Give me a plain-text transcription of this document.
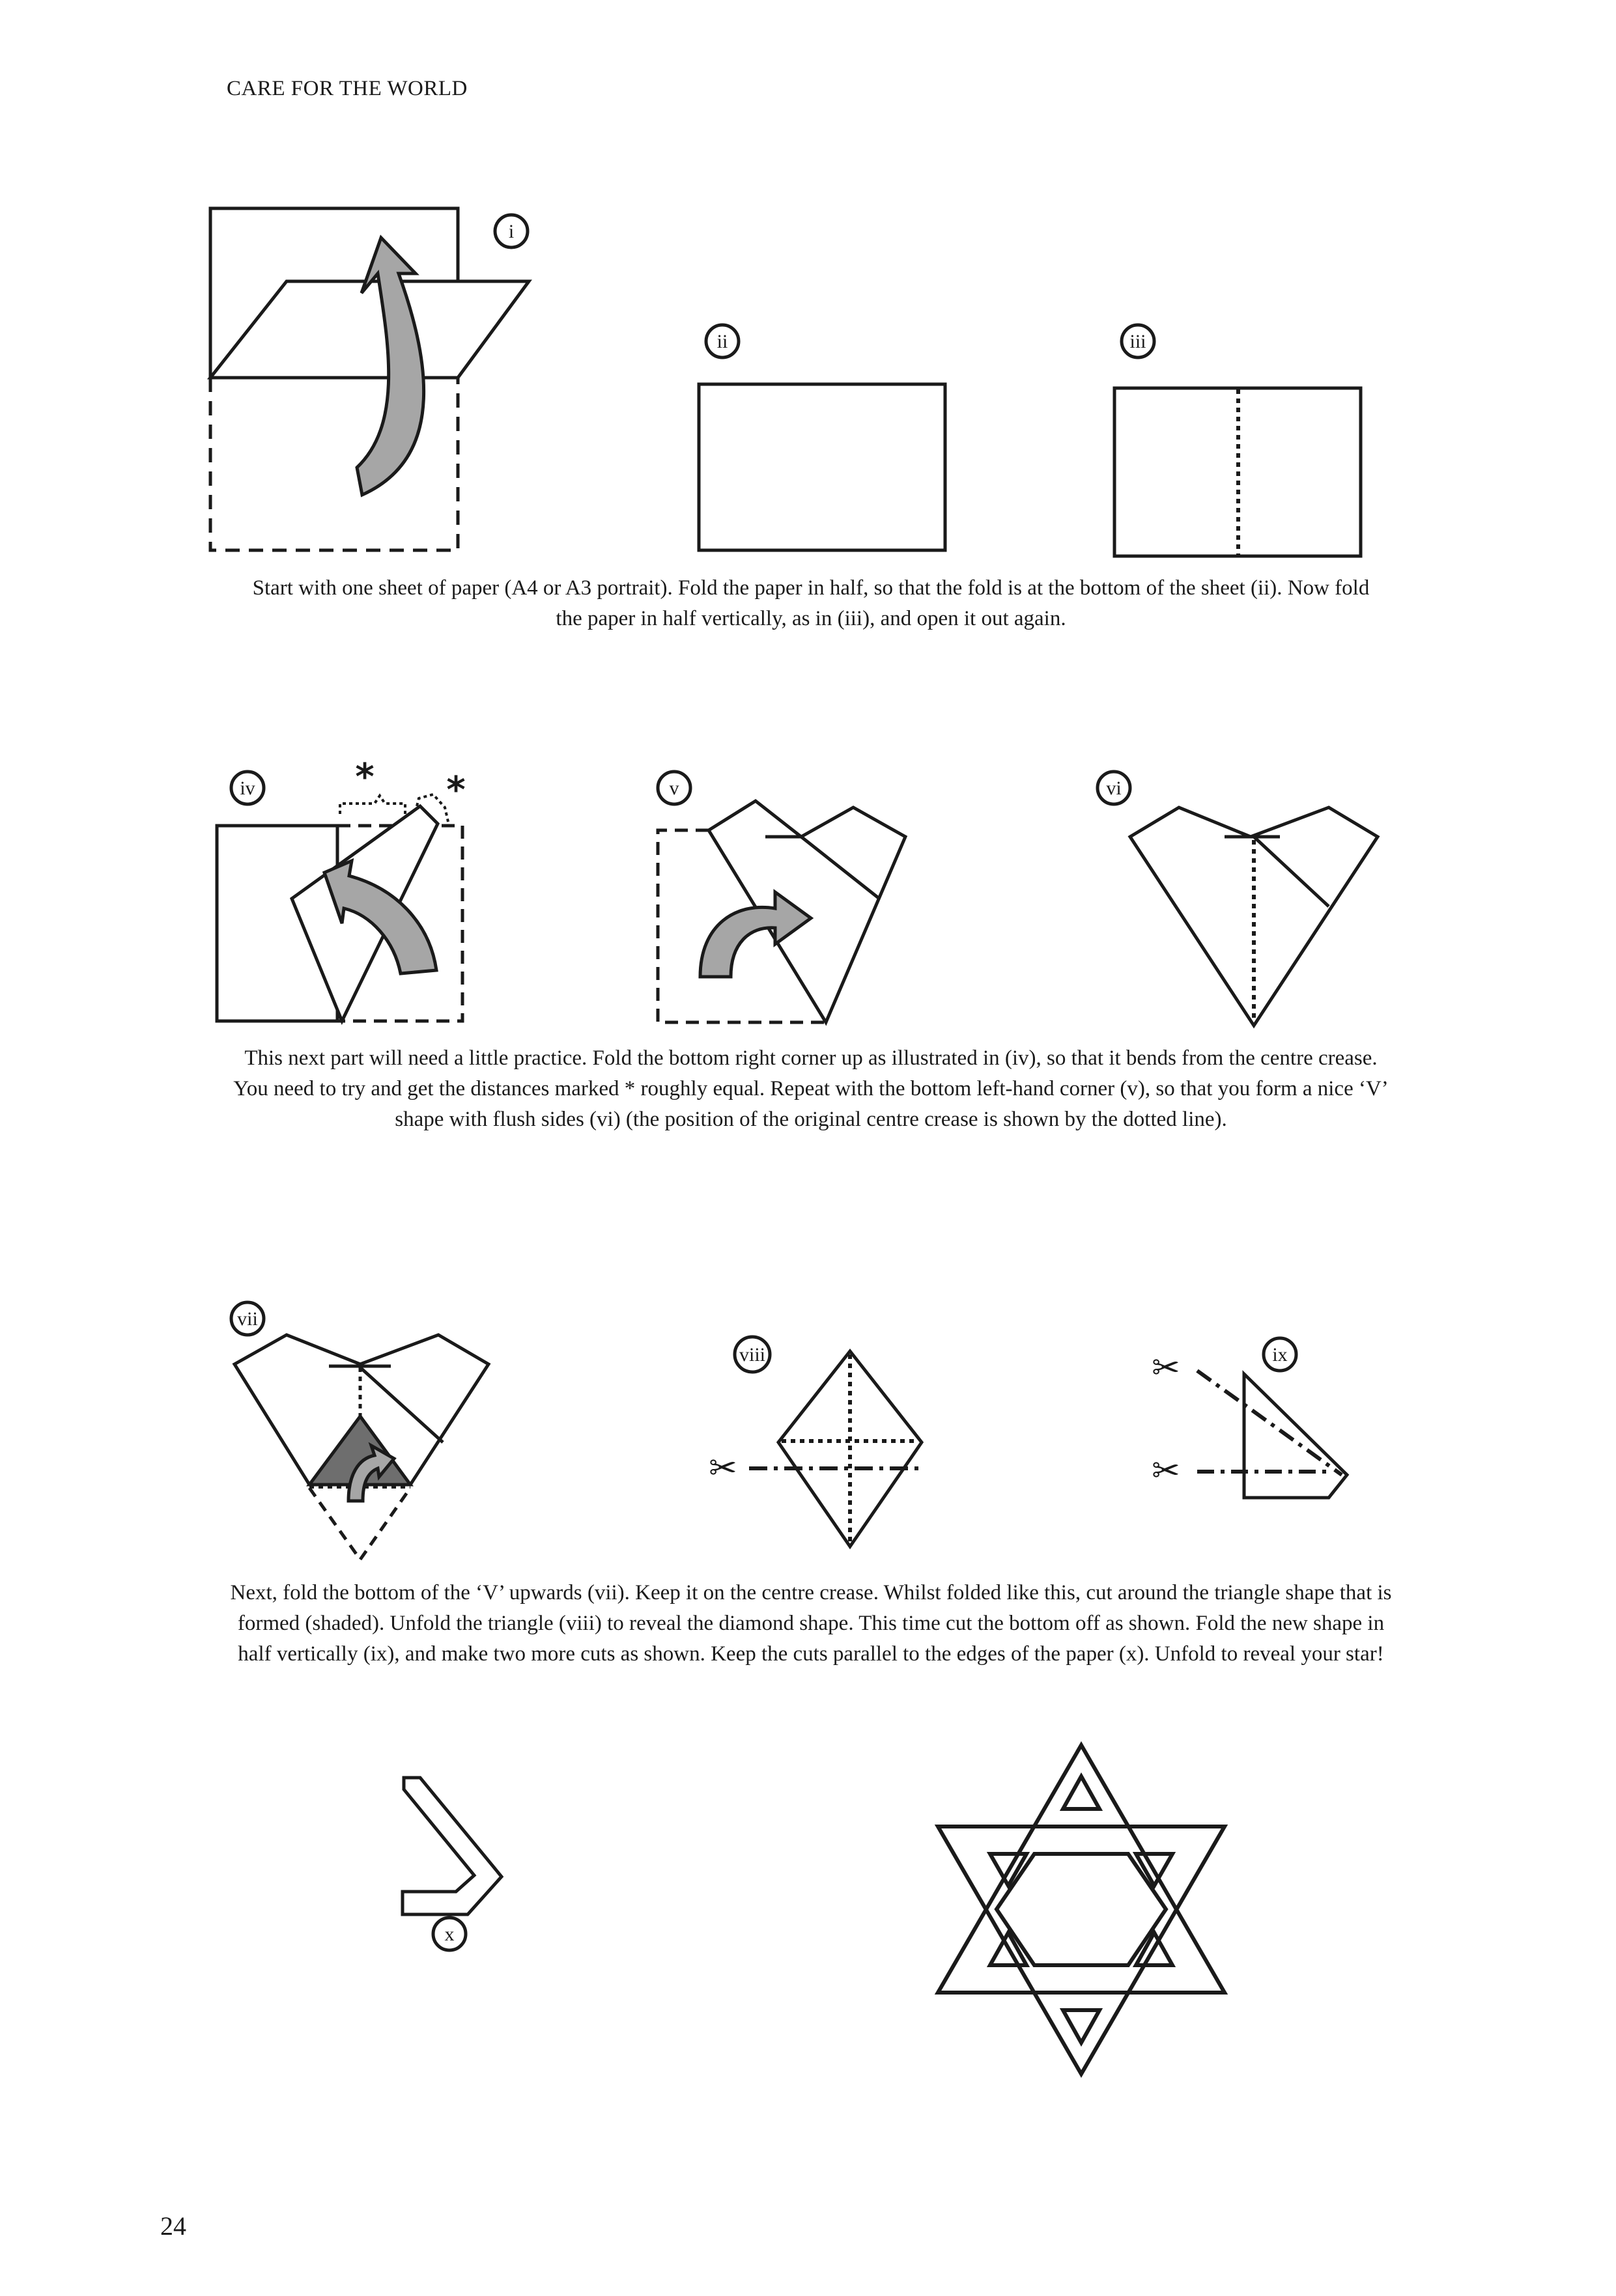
CARE FOR THE WORLD
i
ii	iii
* *
iv	v	vi
vii
✂
viii	✂
✂
ix
x
Start with one sheet of paper (A4 or A3 portrait). Fold the paper in half, so that the fold is at the bottom of the sheet (ii). Now fold the paper in half vertically, as in (iii), and open it out again.
This next part will need a little practice. Fold the bottom right corner up as illustrated in (iv), so that it bends from the centre crease. You need to try and get the distances marked * roughly equal. Repeat with the bottom left-hand corner (v), so that you form a nice ‘V’ shape with flush sides (vi) (the position of the original centre crease is shown by the dotted line).
Next, fold the bottom of the ‘V’ upwards (vii). Keep it on the centre crease. Whilst folded like this, cut around the triangle shape that is formed (shaded). Unfold the triangle (viii) to reveal the diamond shape. This time cut the bottom off as shown. Fold the new shape in half vertically (ix), and make two more cuts as shown. Keep the cuts parallel to the edges of the paper (x). Unfold to reveal your star!
24
